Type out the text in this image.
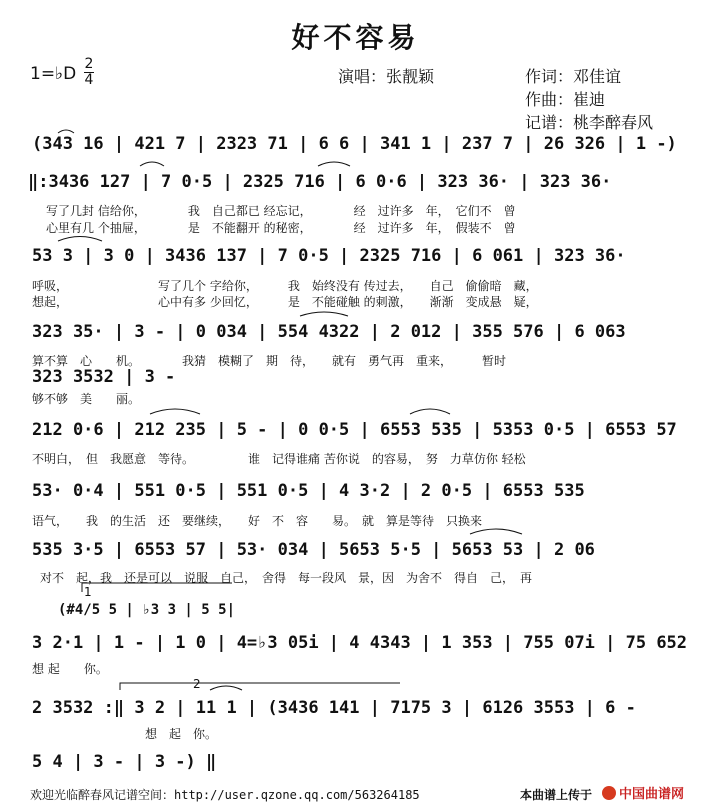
好不容易
1=♭D 2
4	演唱：张靓颖	作词：邓佳谊
作曲：崔迪
记谱：桃李醉春风
(343 16 | 421 7 | 2323 71 | 6 6 | 341 1 | 237 7 | 26 326 | 1 -)
‖:3436 127 | 7 0·5 | 2325 716 | 6 0·6 | 323 36· | 323 36·
写了几封 信给你，　　　　我　自己都已 经忘记，　　　　经　过许多　年，　它们不　曾
心里有几 个抽屉，　　　　是　不能翻开 的秘密，　　　　经　过许多　年，　假装不　曾
53 3 | 3 0 | 3436 137 | 7 0·5 | 2325 716 | 6 061 | 323 36·
呼吸，　　　　　　　　写了几个 字给你，　　　我　始终没有 传过去，　　自己　偷偷暗　藏，
想起，　　　　　　　　心中有多 少回忆，　　　是　不能碰触 的刺激，　　渐渐　变成悬　疑，
323 35· | 3 - | 0 034 | 554 4322 | 2 012 | 355 576 | 6 063
算不算　心　　机。　　　　我猜　模糊了　期　待，　　就有　勇气再　重来，　　　暂时
323 3532 | 3 -
够不够　美　　丽。
212 0·6 | 212 235 | 5 - | 0 0·5 | 6553 535 | 5353 0·5 | 6553 57
不明白，　但　我愿意　等待。　　　　　谁　记得谁痛 苦你说　的容易，　努　力草仿你 轻松
53· 0·4 | 551 0·5 | 551 0·5 | 4 3·2 | 2 0·5 | 6553 535
语气，　　我　的生活　还　要继续，　　好　不　容　　易。　就　算是等待　只换来
535 3·5 | 6553 57 | 53· 034 | 5653 5·5 | 5653 53 | 2 06
对不　起，我　还是可以　说服　自己，　舍得　每一段风　景，因　为舍不　得自　己，　再
(#4/5 5 | ♭3 3 | 5 5|
3 2·1 | 1 - | 1 0 | 4=♭3 05i | 4 4343 | 1 353 | 755 07i | 75 652
想 起　　你。
2 3532 :‖ 3 2 | 11 1 | (3436 141 | 7175 3 | 6126 3553 | 6 -
想　起　你。
5 4 | 3 - | 3 -) ‖
1
2
欢迎光临醉春风记谱空间：http://user.qzone.qq.com/563264185	本曲谱上传于	中国曲谱网
